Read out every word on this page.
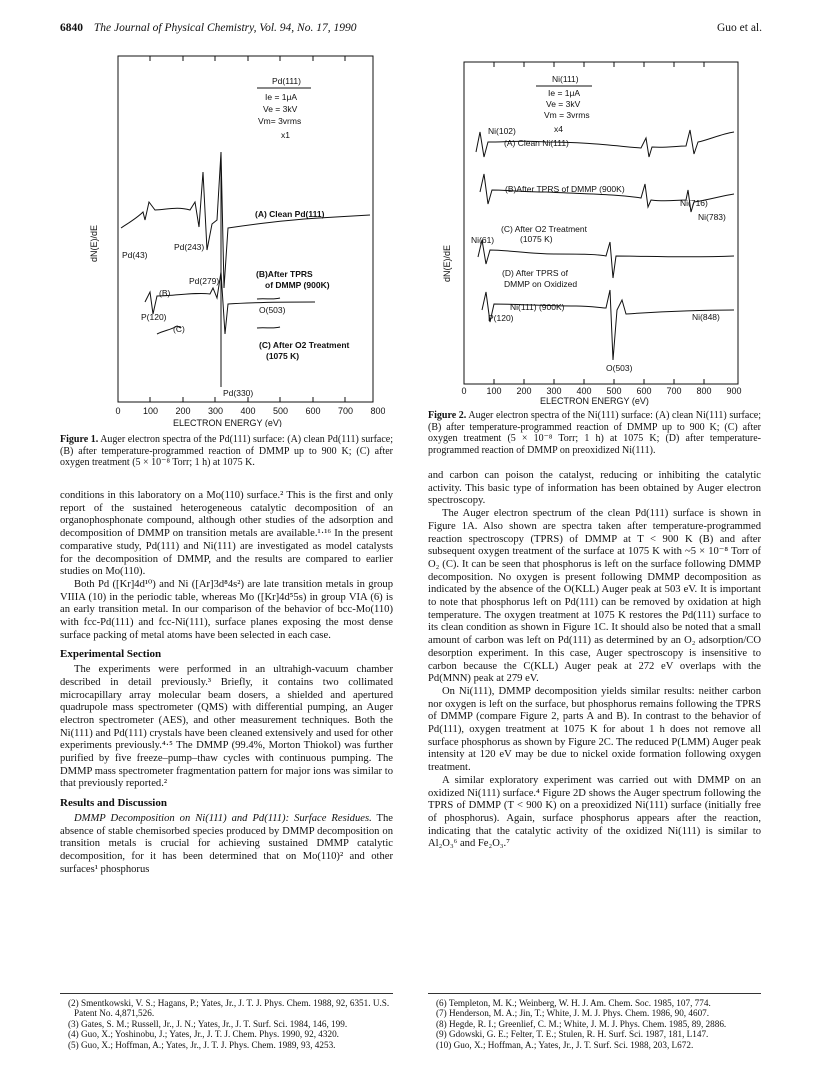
6840 The Journal of Physical Chemistry, Vol. 94, No. 17, 1990	Guo et al.
Pd(111)
Ie = 1μA
Ve = 3kV
Vm= 3vrms
x1
(A) Clean Pd(111)
(B)After TPRS
of DMMP (900K)
(C) After O2 Treatment
(1075 K)
Pd(43)
Pd(243)
Pd(279)
(B)
P(120)
(C)
O(503)
Pd(330)
dN(E)/dE
0 100 200 300 400 500 600 700 800
ELECTRON ENERGY (eV)
Figure 1. Auger electron spectra of the Pd(111) surface: (A) clean Pd(111) surface; (B) after temperature-programmed reaction of DMMP up to 900 K; (C) after oxygen treatment (5 × 10⁻⁸ Torr; 1 h) at 1075 K.
Ni(111)
Ie = 1μA
Ve = 3kV
Vm = 3vrms
x4
(A) Clean Ni(111)
(B)After TPRS of DMMP (900K)
(C) After O2 Treatment
(1075 K)
(D) After TPRS of
DMMP on Oxidized
Ni(111) (900K)
Ni(102)
Ni(716)
Ni(783)
Ni(61)
P(120)	Ni(848)
O(503)
dN(E)/dE
0 100 200 300 400 500 600 700 800 900
ELECTRON ENERGY (eV)
Figure 2. Auger electron spectra of the Ni(111) surface: (A) clean Ni(111) surface; (B) after temperature-programmed reaction of DMMP up to 900 K; (C) after oxygen treatment (5 × 10⁻⁸ Torr; 1 h) at 1075 K; (D) after temperature-programmed reaction of DMMP on preoxidized Ni(111).

conditions in this laboratory on a Mo(110) surface.² This is the first and only report of the sustained heterogeneous catalytic decomposition of an organophosphonate compound, although other studies of the adsorption and decomposition of DMMP on transition metals are available.¹·¹⁶ In the present comparative study, Pd(111) and Ni(111) are investigated as model catalysts for the decomposition of DMMP, and the results are compared to earlier studies on Mo(110).

Both Pd ([Kr]4d¹⁰) and Ni ([Ar]3d⁸4s²) are late transition metals in group VIIIA (10) in the periodic table, whereas Mo ([Kr]4d⁵5s) in group VIA (6) is an early transition metal. In our comparison of the behavior of bcc-Mo(110) with fcc-Pd(111) and fcc-Ni(111), surface planes exposing the most dense surface packing of metal atoms have been selected in each case.

Experimental Section

The experiments were performed in an ultrahigh-vacuum chamber described in detail previously.³ Briefly, it contains two collimated microcapillary array molecular beam dosers, a shielded and apertured quadrupole mass spectrometer (QMS) with differential pumping, an Auger electron spectrometer (AES), and other measurement techniques. Both the Ni(111) and Pd(111) crystals have been cleaned extensively and used for other experiments previously.⁴·⁵ The DMMP (99.4%, Morton Thiokol) was further purified by five freeze–pump–thaw cycles with continuous pumping. The DMMP mass spectrometer fragmentation pattern for major ions was similar to that previously reported.²

Results and Discussion

DMMP Decomposition on Ni(111) and Pd(111): Surface Residues. The absence of stable chemisorbed species produced by DMMP decomposition on transition metals is crucial for achieving sustained DMMP catalytic decomposition, for it has been determined that on Mo(110)² and other surfaces¹ phosphorus

and carbon can poison the catalyst, reducing or inhibiting the catalytic activity. This basic type of information has been obtained by Auger electron spectroscopy.

The Auger electron spectrum of the clean Pd(111) surface is shown in Figure 1A. Also shown are spectra taken after temperature-programmed reaction spectroscopy (TPRS) of DMMP at T < 900 K (B) and after subsequent oxygen treatment of the surface at 1075 K with ~5 × 10⁻⁸ Torr of O₂ (C). It can be seen that phosphorus is left on the surface following DMMP decomposition. No oxygen is present following DMMP decomposition as indicated by the absence of the O(KLL) Auger peak at 503 eV. It is important to note that phosphorus left on Pd(111) can be removed by oxidation at high temperature. The oxygen treatment at 1075 K restores the Pd(111) surface to its clean condition as shown in Figure 1C. It should also be noted that a small amount of carbon was left on Pd(111) as determined by an O₂ adsorption/CO desorption experiment. In this case, Auger spectroscopy is insensitive to carbon because the C(KLL) Auger peak at 272 eV overlaps with the Pd(MNN) peak at 279 eV.

On Ni(111), DMMP decomposition yields similar results: neither carbon nor oxygen is left on the surface, but phosphorus remains following the TPRS of DMMP (compare Figure 2, parts A and B). In contrast to the behavior of Pd(111), oxygen treatment at 1075 K for about 1 h does not remove all surface phosphorus as shown by Figure 2C. The reduced P(LMM) Auger peak intensity at 120 eV may be due to nickel oxide formation following oxygen treatment.

A similar exploratory experiment was carried out with DMMP on an oxidized Ni(111) surface.⁴ Figure 2D shows the Auger spectrum following the TPRS of DMMP (T < 900 K) on a preoxidized Ni(111) surface (initially free of phosphorus). Again, surface phosphorus appears after the reaction, indicating that the catalytic activity of the oxidized Ni(111) is similar to Al₂O₃⁶ and Fe₂O₃.⁷

(2) Smentkowski, V. S.; Hagans, P.; Yates, Jr., J. T. J. Phys. Chem. 1988, 92, 6351. U.S. Patent No. 4,871,526.
(3) Gates, S. M.; Russell, Jr., J. N.; Yates, Jr., J. T. Surf. Sci. 1984, 146, 199.
(4) Guo, X.; Yoshinobu, J.; Yates, Jr., J. T. J. Chem. Phys. 1990, 92, 4320.
(5) Guo, X.; Hoffman, A.; Yates, Jr., J. T. J. Phys. Chem. 1989, 93, 4253.
(6) Templeton, M. K.; Weinberg, W. H. J. Am. Chem. Soc. 1985, 107, 774.
(7) Henderson, M. A.; Jin, T.; White, J. M. J. Phys. Chem. 1986, 90, 4607.
(8) Hegde, R. I.; Greenlief, C. M.; White, J. M. J. Phys. Chem. 1985, 89, 2886.
(9) Gdowski, G. E.; Felter, T. E.; Stulen, R. H. Surf. Sci. 1987, 181, L147.
(10) Guo, X.; Hoffman, A.; Yates, Jr., J. T. Surf. Sci. 1988, 203, L672.
